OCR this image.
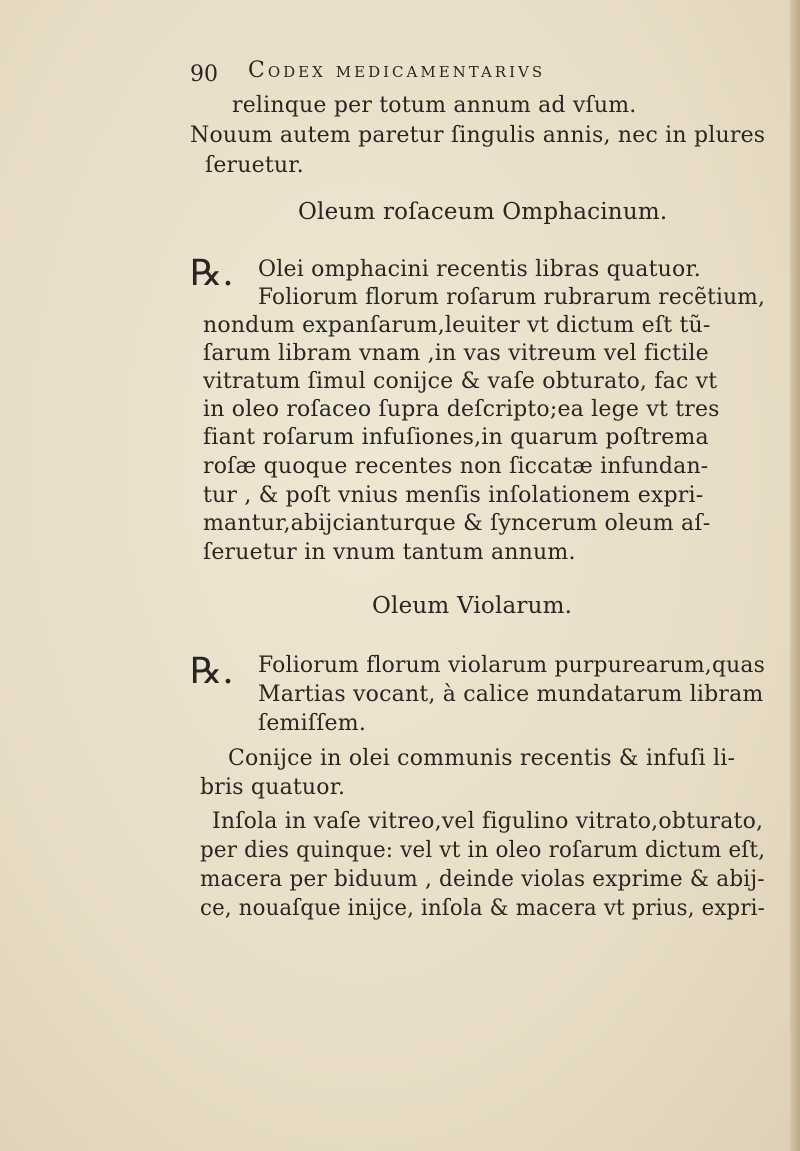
90 Codex medicamentarivs
℞.
℞.
relinque per totum annum ad vſum.
Nouum autem paretur ſingulis annis, nec in plures
ſeruetur.
Oleum roſaceum Omphacinum.
Olei omphacini recentis libras quatuor.
Foliorum florum roſarum rubrarum recẽtium,
nondum expanſarum,leuiter vt dictum eſt tũ-
ſarum libram vnam ,in vas vitreum vel fictile
vitratum ſimul conijce & vaſe obturato, fac vt
in oleo roſaceo ſupra deſcripto;ea lege vt tres
fiant roſarum infuſiones,in quarum poſtrema
roſæ quoque recentes non ſiccatæ infundan-
tur , & poſt vnius menſis inſolationem expri-
mantur,abijcianturque & ſyncerum oleum aſ-
ſeruetur in vnum tantum annum.
Oleum Violarum.
Foliorum florum violarum purpurearum,quas
Martias vocant, à calice mundatarum libram
ſemiſſem.
Conijce in olei communis recentis & infuſi li-
bris quatuor.
Inſola in vaſe vitreo,vel figulino vitrato,obturato,
per dies quinque: vel vt in oleo roſarum dictum eſt,
macera per biduum , deinde violas exprime & abij-
ce, nouaſque inijce, inſola & macera vt prius, expri-
